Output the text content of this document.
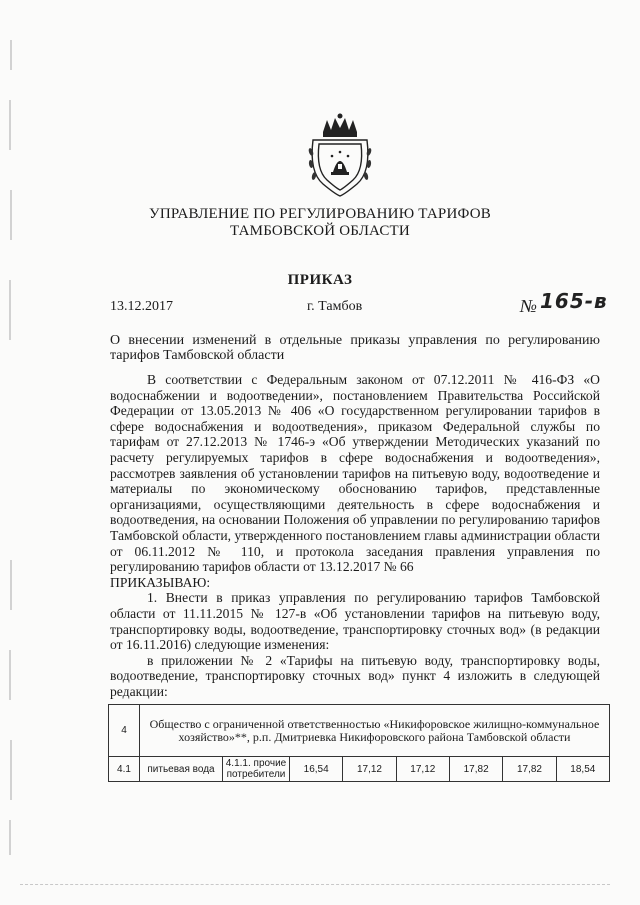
УПРАВЛЕНИЕ ПО РЕГУЛИРОВАНИЮ ТАРИФОВ
ТАМБОВСКОЙ ОБЛАСТИ
ПРИКАЗ
13.12.2017	г. Тамбов	№ 165-в
О внесении изменений в отдельные приказы управления по регулированию тарифов Тамбовской области

В соответствии с Федеральным законом от 07.12.2011 № 416-ФЗ «О водоснабжении и водоотведении», постановлением Правительства Российской Федерации от 13.05.2013 № 406 «О государственном регулировании тарифов в сфере водоснабжения и водоотведения», приказом Федеральной службы по тарифам от 27.12.2013 № 1746-э «Об утверждении Методических указаний по расчету регулируемых тарифов в сфере водоснабжения и водоотведения», рассмотрев заявления об установлении тарифов на питьевую воду, водоотведение и материалы по экономическому обоснованию тарифов, представленные организациями, осуществляющими деятельность в сфере водоснабжения и водоотведения, на основании Положения об управлении по регулированию тарифов Тамбовской области, утвержденного постановлением главы администрации области от 06.11.2012 № 110, и протокола заседания правления управления по регулированию тарифов области от 13.12.2017 № 66

ПРИКАЗЫВАЮ:

1. Внести в приказ управления по регулированию тарифов Тамбовской области от 11.11.2015 № 127-в «Об установлении тарифов на питьевую воду, транспортировку воды, водоотведение, транспортировку сточных вод» (в редакции от 16.11.2016) следующие изменения:

в приложении № 2 «Тарифы на питьевую воду, транспортировку воды, водоотведение, транспортировку сточных вод» пункт 4 изложить в следующей редакции:

4	Общество с ограниченной ответственностью «Никифоровское жилищно-коммунальное хозяйство»**, р.п. Дмитриевка Никифоровского района Тамбовской области							
4.1	питьевая вода	4.1.1. прочие потребители	16,54	17,12	17,12	17,82	17,82	18,54
